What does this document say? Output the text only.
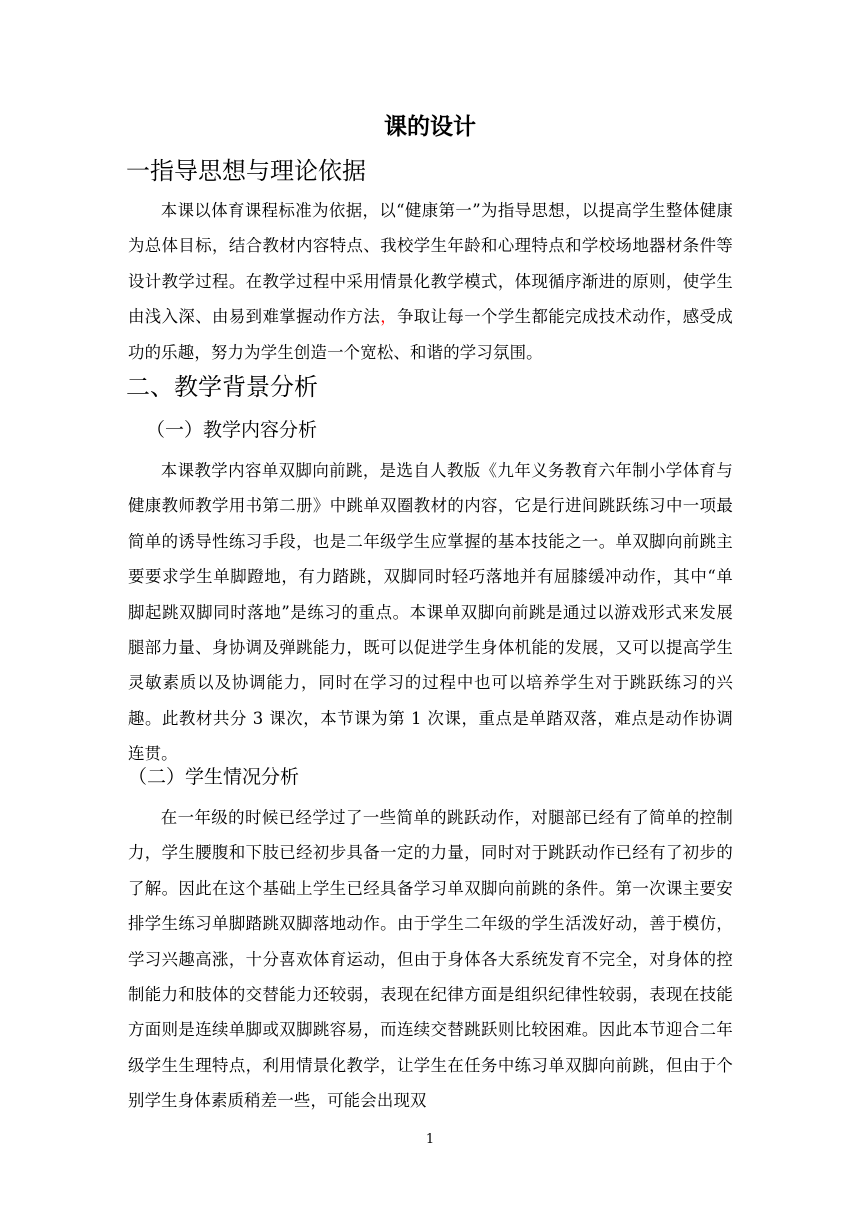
课的设计
一指导思想与理论依据

本课以体育课程标准为依据，以“健康第一”为指导思想，以提高学生整体健康为总体目标，结合教材内容特点、我校学生年龄和心理特点和学校场地器材条件等设计教学过程。在教学过程中采用情景化教学模式，体现循序渐进的原则，使学生由浅入深、由易到难掌握动作方法，争取让每一个学生都能完成技术动作，感受成功的乐趣，努力为学生创造一个宽松、和谐的学习氛围。

二、教学背景分析
（一）教学内容分析

本课教学内容单双脚向前跳，是选自人教版《九年义务教育六年制小学体育与健康教师教学用书第二册》中跳单双圈教材的内容，它是行进间跳跃练习中一项最简单的诱导性练习手段，也是二年级学生应掌握的基本技能之一。单双脚向前跳主要要求学生单脚蹬地，有力踏跳，双脚同时轻巧落地并有屈膝缓冲动作，其中“单脚起跳双脚同时落地”是练习的重点。本课单双脚向前跳是通过以游戏形式来发展腿部力量、身协调及弹跳能力，既可以促进学生身体机能的发展，又可以提高学生灵敏素质以及协调能力，同时在学习的过程中也可以培养学生对于跳跃练习的兴趣。此教材共分 3 课次，本节课为第 1 次课，重点是单踏双落，难点是动作协调连贯。

（二）学生情况分析

在一年级的时候已经学过了一些简单的跳跃动作，对腿部已经有了简单的控制力，学生腰腹和下肢已经初步具备一定的力量，同时对于跳跃动作已经有了初步的了解。因此在这个基础上学生已经具备学习单双脚向前跳的条件。第一次课主要安排学生练习单脚踏跳双脚落地动作。由于学生二年级的学生活泼好动，善于模仿，学习兴趣高涨，十分喜欢体育运动，但由于身体各大系统发育不完全，对身体的控制能力和肢体的交替能力还较弱，表现在纪律方面是组织纪律性较弱，表现在技能方面则是连续单脚或双脚跳容易，而连续交替跳跃则比较困难。因此本节迎合二年级学生生理特点，利用情景化教学，让学生在任务中练习单双脚向前跳，但由于个别学生身体素质稍差一些，可能会出现双

1
